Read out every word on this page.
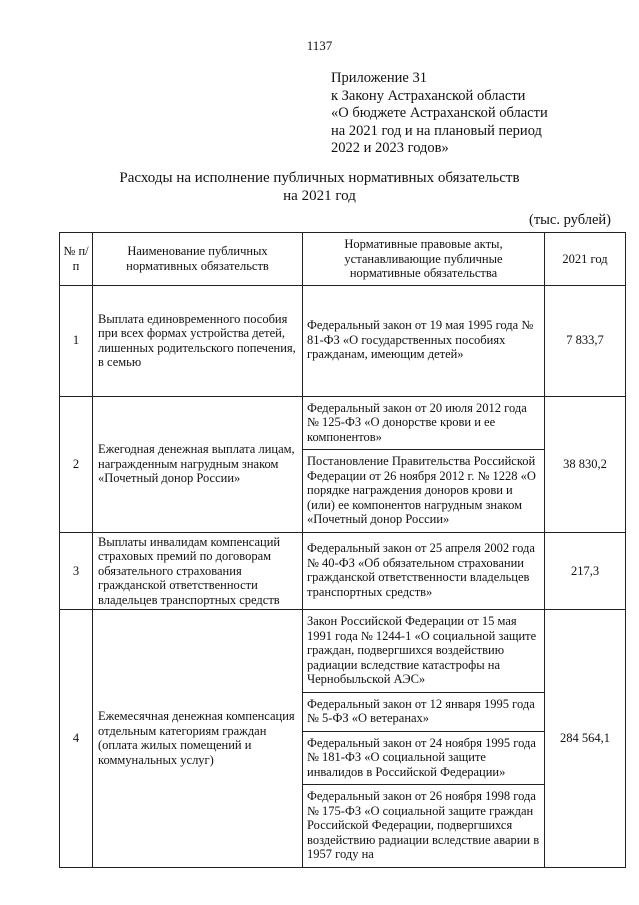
1137
Приложение 31
к Закону Астраханской области
«О бюджете Астраханской области
на 2021 год и на плановый период
2022 и 2023 годов»
Расходы на исполнение публичных нормативных обязательств
на 2021 год
(тыс. рублей)
№ п/п	Наименование публичных нормативных обязательств	Нормативные правовые акты, устанавливающие публичные нормативные обязательства	2021 год
1	Выплата единовременного пособия при всех формах устройства детей, лишенных родительского попечения, в семью	Федеральный закон от 19 мая 1995 года № 81-ФЗ «О государственных пособиях гражданам, имеющим детей»	7 833,7
2	Ежегодная денежная выплата лицам, награжденным нагрудным знаком «Почетный донор России»	Федеральный закон от 20 июля 2012 года № 125-ФЗ «О донорстве крови и ее компонентов»
Постановление Правительства Российской Федерации от 26 ноября 2012 г. № 1228 «О порядке награждения доноров крови и (или) ее компонентов нагрудным знаком «Почетный донор России»	38 830,2
3	Выплаты инвалидам компенсаций страховых премий по договорам обязательного страхования гражданской ответственности владельцев транспортных средств	Федеральный закон от 25 апреля 2002 года № 40-ФЗ «Об обязательном страховании гражданской ответственности владельцев транспортных средств»	217,3
4	Ежемесячная денежная компенсация отдельным категориям граждан (оплата жилых помещений и коммунальных услуг)	Закон Российской Федерации от 15 мая 1991 года № 1244-1 «О социальной защите граждан, подвергшихся воздействию радиации вследствие катастрофы на Чернобыльской АЭС»
Федеральный закон от 12 января 1995 года № 5-ФЗ «О ветеранах»
Федеральный закон от 24 ноября 1995 года № 181-ФЗ «О социальной защите инвалидов в Российской Федерации»
Федеральный закон от 26 ноября 1998 года № 175-ФЗ «О социальной защите граждан Российской Федерации, подвергшихся воздействию радиации вследствие аварии в 1957 году на	284 564,1
